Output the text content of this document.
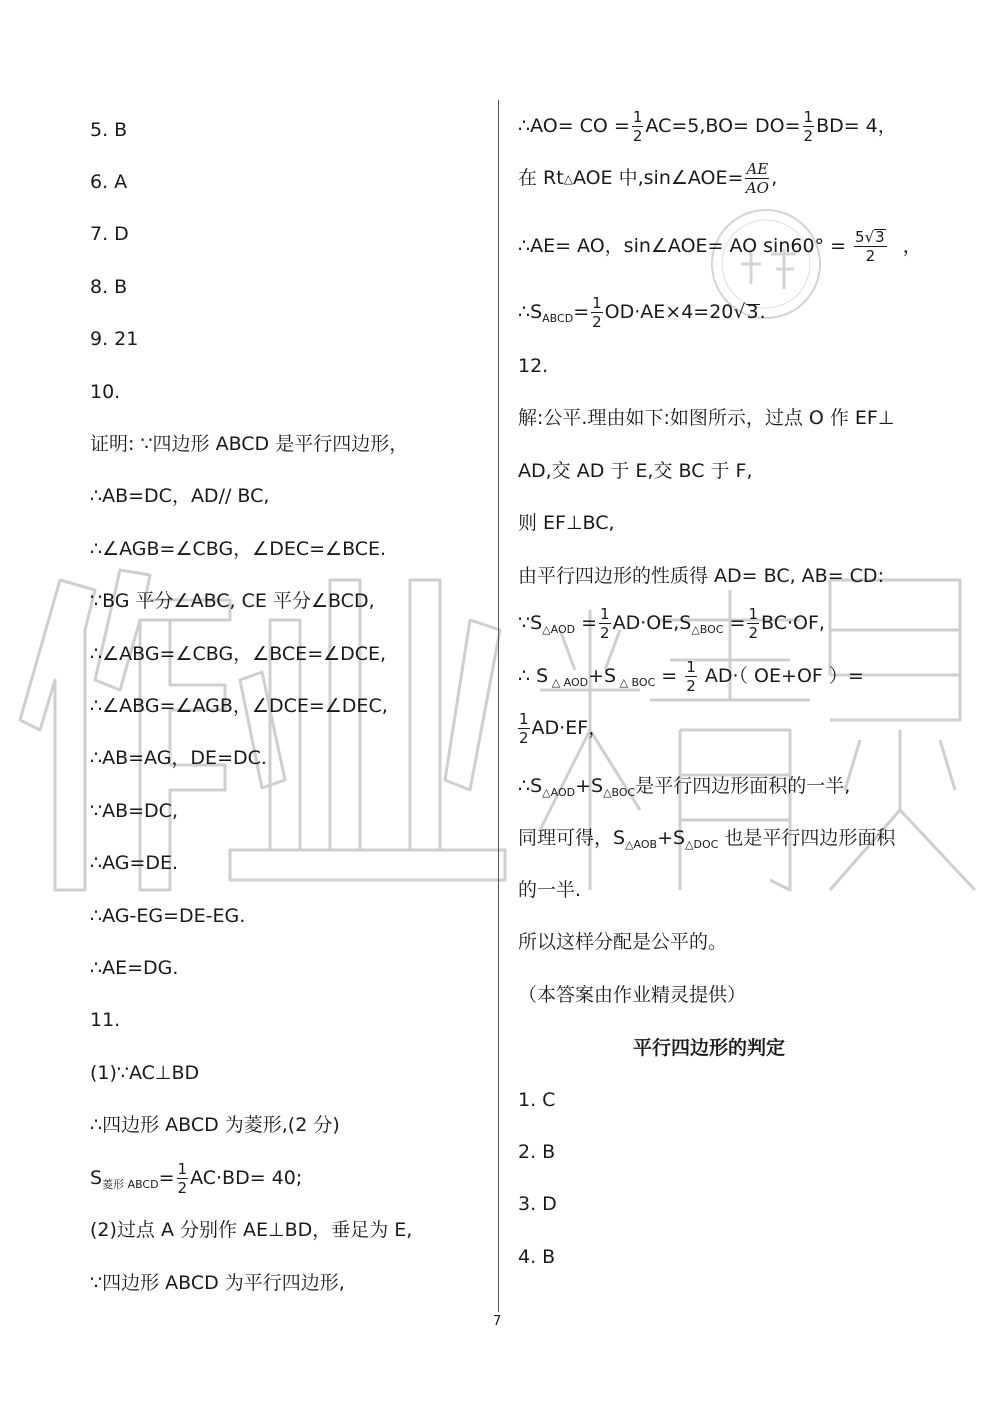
5. B
6. A
7. D
8. B
9. 21
10.
证明: ∵四边形 ABCD 是平行四边形，
∴AB=DC，AD// BC,
∴∠AGB=∠CBG，∠DEC=∠BCE.
∵BG 平分∠ABC, CE 平分∠BCD,
∴∠ABG=∠CBG，∠BCE=∠DCE,
∴∠ABG=∠AGB，∠DCE=∠DEC,
∴AB=AG，DE=DC.
∵AB=DC,
∴AG=DE.
∴AG-EG=DE-EG.
∴AE=DG.
11.
(1)∵AC⊥BD
∴四边形 ABCD 为菱形,(2 分)
$S_{菱形 ABCD}= \frac{1}{2} AC\cdot BD= 40$;
(2)过点 A 分别作 AE⊥BD，垂足为 E,
∵四边形 ABCD 为平行四边形,
∴AO= CO = $\frac{1}{2} AC=5,BO= DO= \frac{1}{2} BD= 4$，
在 Rt△AOE 中,sin∠AOE= $\frac{AE}{AO}$ ,
∴AE= AO，sin∠AOE= AO $\sin 60^\circ = \frac{5√3}{2}$ ，
$\therefore S_{ABCD}= \frac{1}{2} OD\cdot AE\times 4=20√3$.
12.
解:公平.理由如下:如图所示，过点 O 作 EF⊥
AD,交 AD 于 E,交 BC 于 F,
则 EF⊥BC,
由平行四边形的性质得 AD= BC, AB= CD:
$\because S_{\triangle AOD} = \frac{1}{2} AD\cdot OE,S_{\triangle BOC} = \frac{1}{2} BC\cdot OF$,
∴ S $_{\triangle AOD}$+S $_{\triangle BOC} = \frac{1}{2} AD\cdot$（ OE+OF ）=
$\frac{1}{2} AD\cdot EF$，
$\therefore S_{\triangle AOD}+S_{\triangle BOC}$是平行四边形面积的一半,
同理可得，$S_{\triangle AOB}+S_{\triangle DOC}$ 也是平行四边形面积
的一半.
所以这样分配是公平的。
（本答案由作业精灵提供）
平行四边形的判定
1. C
2. B
3. D
4. B
7
